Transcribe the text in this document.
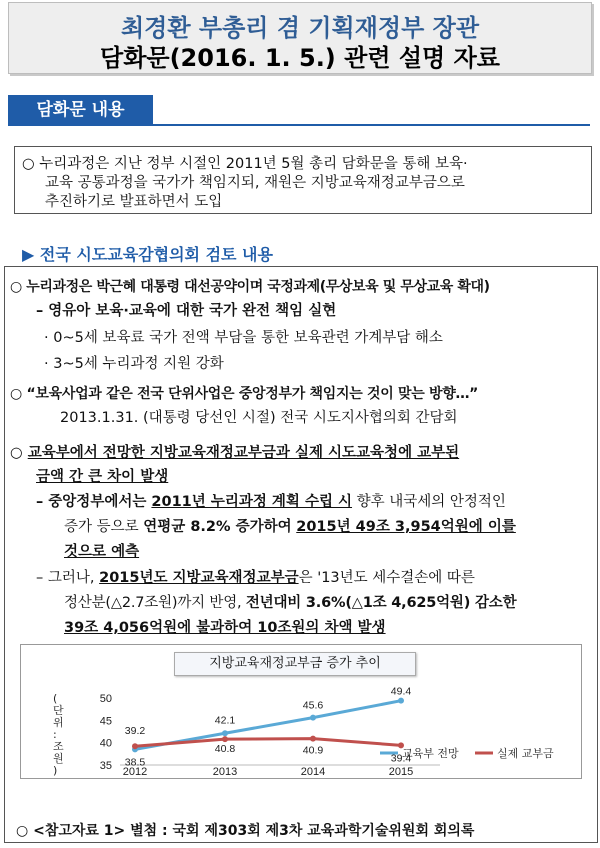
최경환 부총리 겸 기획재정부 장관
담화문(2016. 1. 5.) 관련 설명 자료
담화문 내용
○ 누리과정은 지난 정부 시절인 2011년 5월 총리 담화문을 통해 보육·
교육 공통과정을 국가가 책임지되, 재원은 지방교육재정교부금으로
추진하기로 발표하면서 도입
▶ 전국 시도교육감협의회 검토 내용
○ 누리과정은 박근혜 대통령 대선공약이며 국정과제(무상보육 및 무상교육 확대)
– 영유아 보육·교육에 대한 국가 완전 책임 실현
· 0~5세 보육료 국가 전액 부담을 통한 보육관련 가계부담 해소
· 3~5세 누리과정 지원 강화
○ “보육사업과 같은 전국 단위사업은 중앙정부가 책임지는 것이 맞는 방향…”
2013.1.31. (대통령 당선인 시절) 전국 시도지사협의회 간담회
○ 교육부에서 전망한 지방교육재정교부금과 실제 시도교육청에 교부된
금액 간 큰 차이 발생
– 중앙정부에서는 2011년 누리과정 계획 수립 시 향후 내국세의 안정적인
증가 등으로 연평균 8.2% 증가하여 2015년 49조 3,954억원에 이를
것으로 예측
– 그러나, 2015년도 지방교육재정교부금은 '13년도 세수결손에 따른
정산분(△2.7조원)까지 반영, 전년대비 3.6%(△1조 4,625억원) 감소한
39조 4,056억원에 불과하여 10조원의 차액 발생
지방교육재정교부금 증가 추이
35
40
45
50
2012	2013	2014	2015
( 단 위 : 조 원 )
38.5
42.1
45.6
49.4
39.2
40.8	40.9
39.4
교육부 전망	실제 교부금
○ <참고자료 1> 별첨 : 국회 제303회 제3차 교육과학기술위원회 회의록
